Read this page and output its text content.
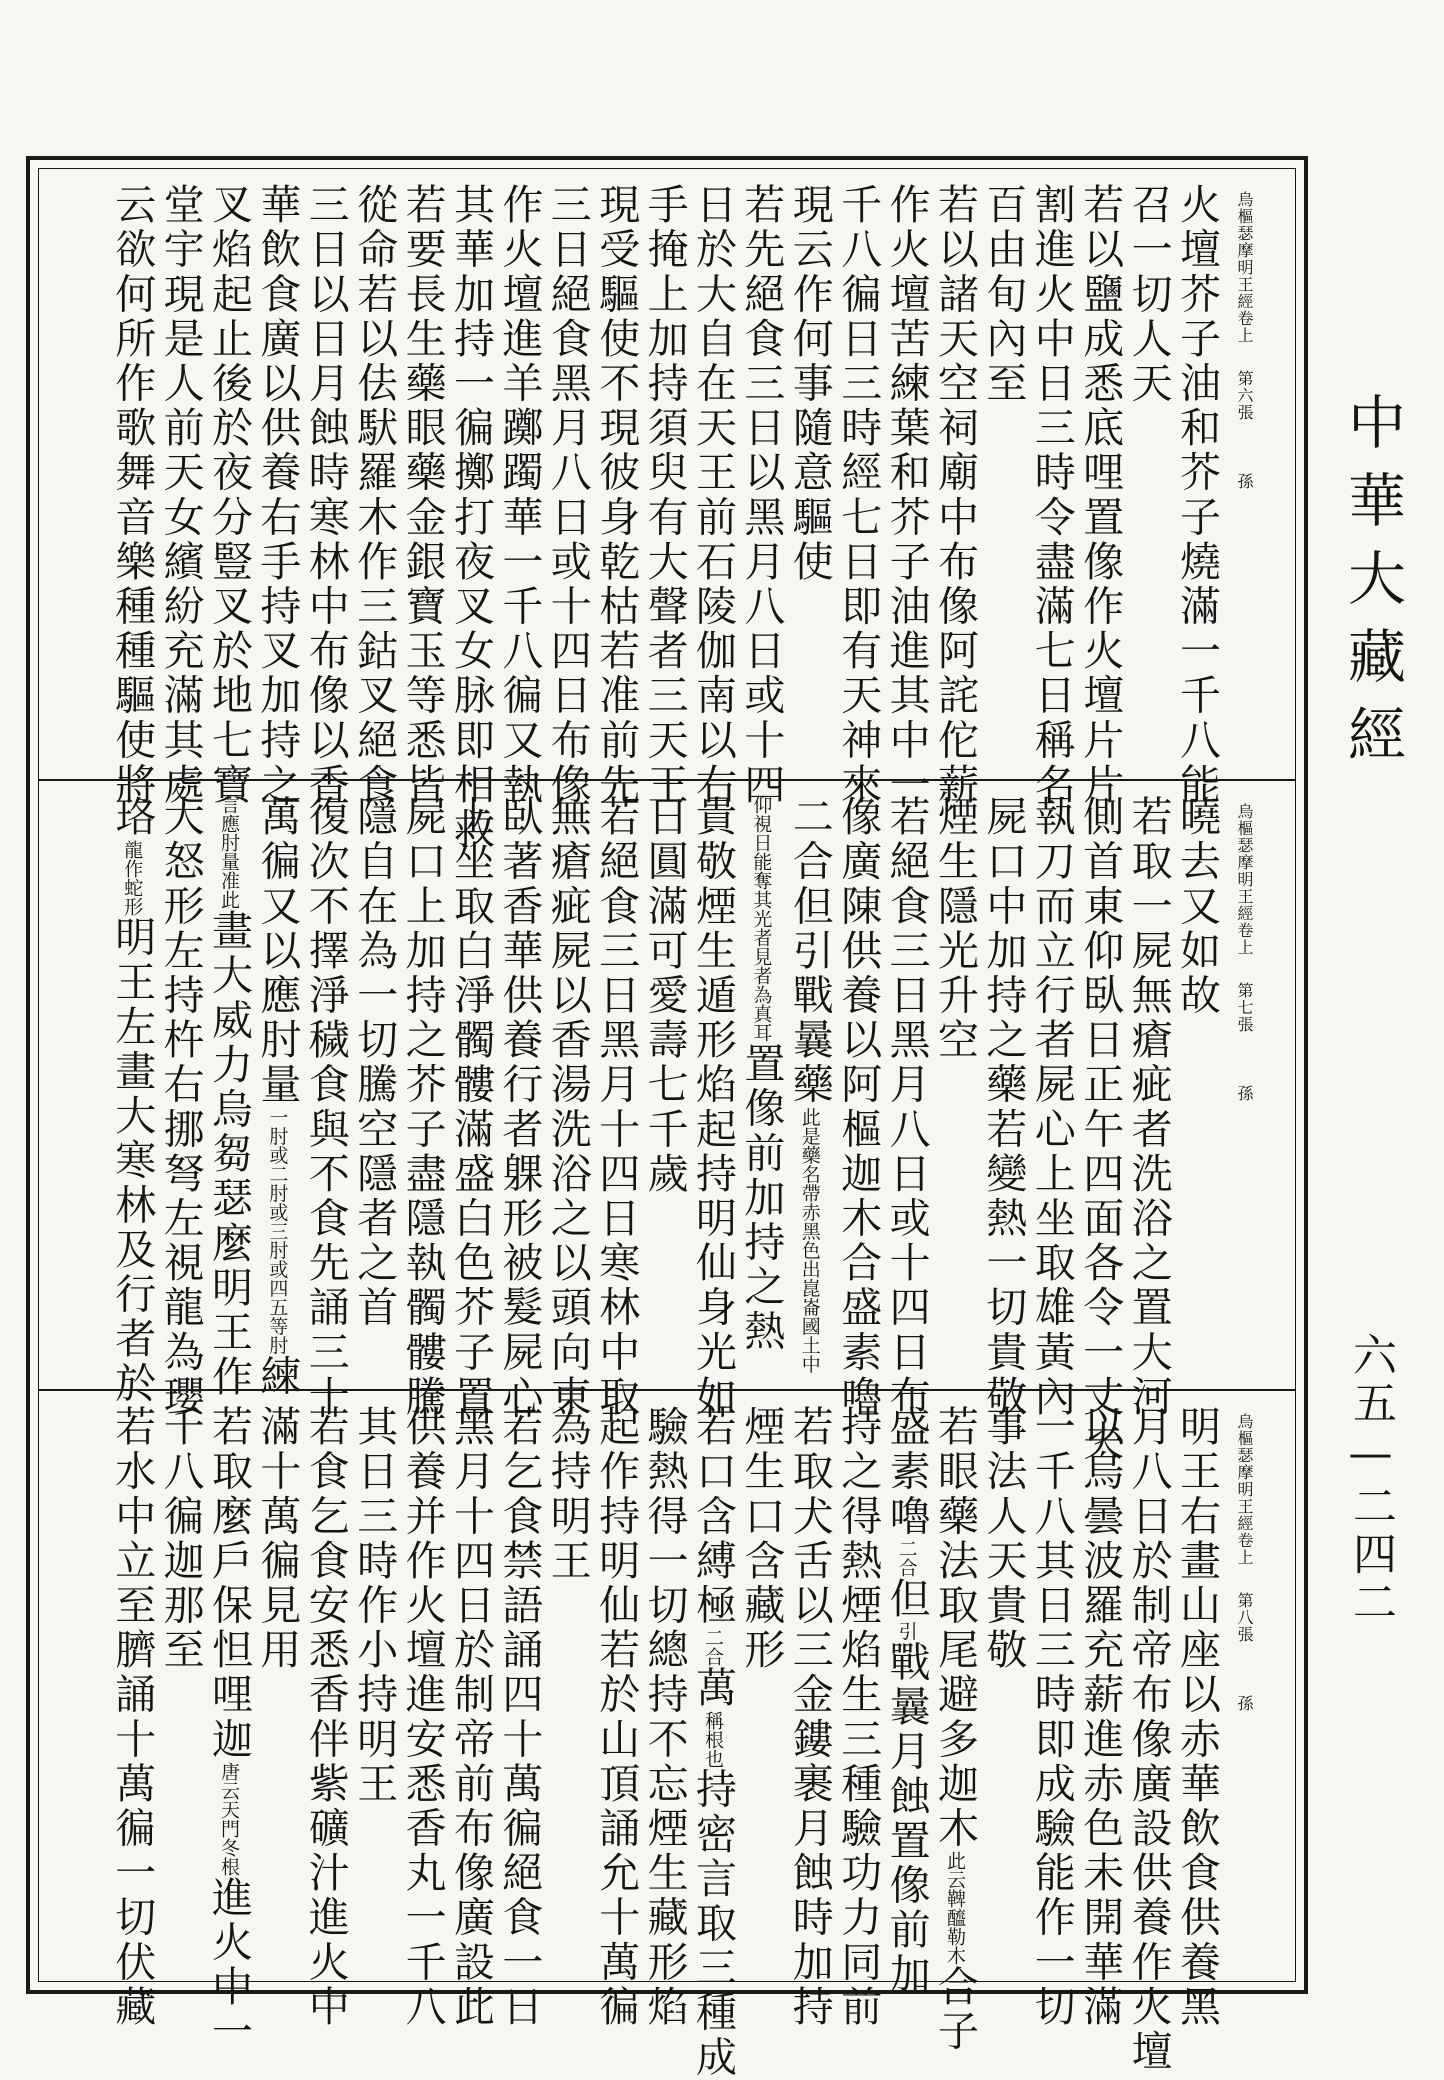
中華大藏經
六五—二四二
烏樞瑟摩明王經卷上第六張孫
火壇芥子油和芥子燒滿一千八能
召一切人天
若以鹽成悉底哩置像作火壇片片
割進火中日三時令盡滿七日稱名
百由旬內至
若以諸天空祠廟中布像阿詫佗薪
作火壇苦練葉和芥子油進其中一
千八徧日三時經七日即有天神來
現云作何事隨意驅使
若先絕食三日以黑月八日或十四
日於大自在天王前石陵伽南以右
手掩上加持須臾有大聲者三天王
現受驅使不現彼身乾枯若准前先
三日絕食黑月八日或十四日布像
作火壇進羊躑躅華一千八徧又執
其華加持一徧擲打夜叉女脉即相救
若要長生藥眼藥金銀寶玉等悉皆
從命若以佉䭾羅木作三鈷叉絕食
三日以日月蝕時寒林中布像以香
華飲食廣以供養右手持叉加持之
叉焰起止後於夜分豎叉於地七寶
堂宇現是人前天女繽紛充滿其處
云欲何所作歌舞音樂種種驅使將
烏樞瑟摩明王經卷上第七張孫
曉去又如故
若取一屍無瘡疵者洗浴之置大河
側首東仰臥日正午四面各令一丈夫
執刀而立行者屍心上坐取雄黃內
屍口中加持之藥若變熱一切貴敬
煙生隱光升空
若絕食三日黑月八日或十四日布
像廣陳供養以阿樞迦木合盛素嚕
二合但引戰曩藥此是藥名帶赤黑色出崑崙國土中
仰視日能奪其光者見者為真耳置像前加持之熱
貴敬煙生遁形焰起持明仙身光如
日圓滿可愛壽七千歲
若絕食三日黑月十四日寒林中取
無瘡疵屍以香湯洗浴之以頭向東
臥著香華供養行者躶形被髮屍心
上坐取白淨髑髏滿盛白色芥子置
屍口上加持之芥子盡隱執髑髏騰
隱自在為一切騰空隱者之首
復次不擇淨穢食與不食先誦三十
萬徧又以應肘量一肘或二肘或三肘或四五等肘練
言應肘量准此畫大威力烏芻瑟麼明王作
大怒形左持杵右挪弩左視龍為瓔
珞龍作蛇形明王左畫大寒林及行者於
烏樞瑟摩明王經卷上第八張孫
明王右畫山座以赤華飲食供養黑
月八日於制帝布像廣設供養作火壇
以烏曇波羅充薪進赤色未開華滿
一千八其日三時即成驗能作一切
事法人天貴敬
若眼藥法取尾避多迦木此云鞞醯勒木合子
盛素嚕二合但引戰曩月蝕置像前加
持之得熱煙焰生三種驗功力同前
若取犬舌以三金鏤裹月蝕時加持
煙生口含藏形
若口含縛極二合萬稱根也持密言取三種成
驗熱得一切總持不忘煙生藏形焰
起作持明仙若於山頂誦允十萬徧
為持明王
若乞食禁語誦四十萬徧絕食一日
黑月十四日於制帝前布像廣設此
供養并作火壇進安悉香丸一千八
其日三時作小持明王
若食乞食安悉香伴紫礦汁進火中
滿十萬徧見用
若取麼戶保怛哩迦唐云天門冬根進火中一
千八徧迦那至
若水中立至臍誦十萬徧一切伏藏
